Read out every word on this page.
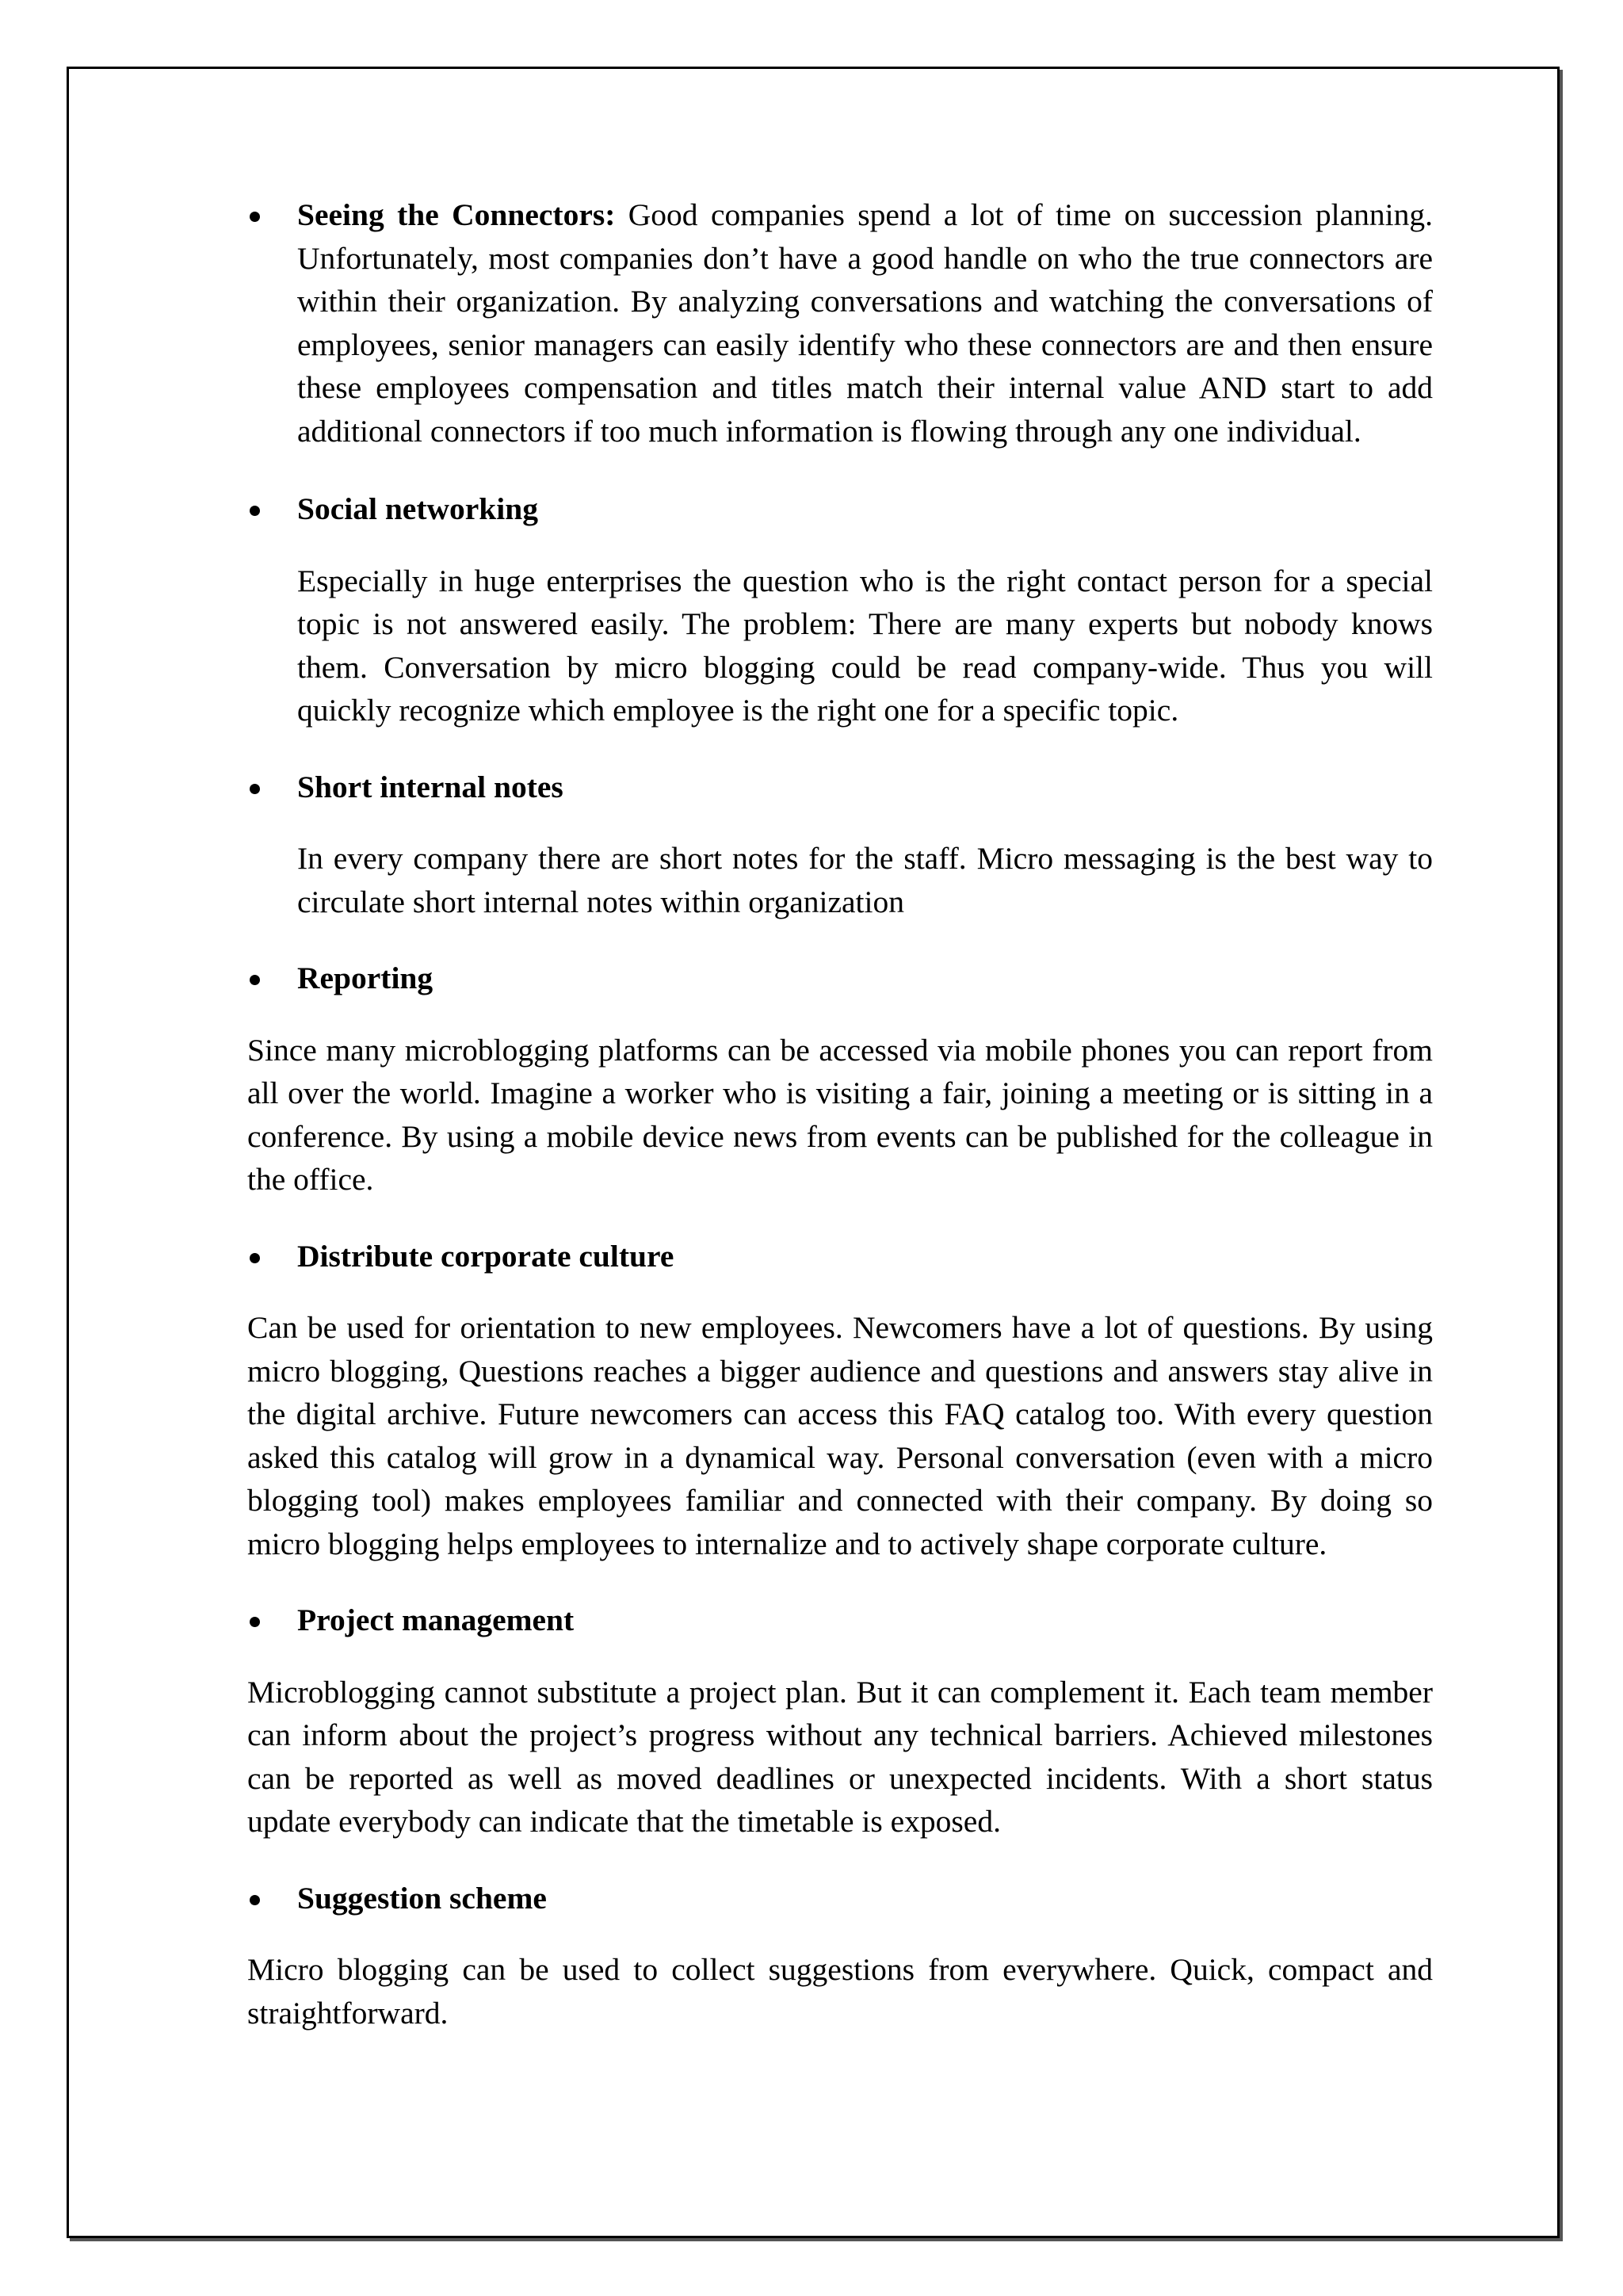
Seeing the Connectors: Good companies spend a lot of time on succession planning. Unfortunately, most companies don’t have a good handle on who the true connectors are within their organization. By analyzing conversations and watching the conversations of employees, senior managers can easily identify who these connectors are and then ensure these employees compensation and titles match their internal value AND start to add additional connectors if too much information is flowing through any one individual.

Social networking

Especially in huge enterprises the question who is the right contact person for a special topic is not answered easily. The problem: There are many experts but nobody knows them. Conversation by micro blogging could be read company-wide. Thus you will quickly recognize which employee is the right one for a specific topic.

Short internal notes

In every company there are short notes for the staff. Micro messaging is the best way to circulate short internal notes within organization

Reporting

Since many microblogging platforms can be accessed via mobile phones you can report from all over the world. Imagine a worker who is visiting a fair, joining a meeting or is sitting in a conference. By using a mobile device news from events can be published for the colleague in the office.

Distribute corporate culture

Can be used for orientation to new employees. Newcomers have a lot of questions. By using micro blogging, Questions reaches a bigger audience and questions and answers stay alive in the digital archive. Future newcomers can access this FAQ catalog too. With every question asked this catalog will grow in a dynamical way. Personal conversation (even with a micro blogging tool) makes employees familiar and connected with their company. By doing so micro blogging helps employees to internalize and to actively shape corporate culture.

Project management

Microblogging cannot substitute a project plan. But it can complement it. Each team member can inform about the project’s progress without any technical barriers. Achieved milestones can be reported as well as moved deadlines or unexpected incidents. With a short status update everybody can indicate that the timetable is exposed.

Suggestion scheme

Micro blogging can be used to collect suggestions from everywhere. Quick, compact and straightforward.
